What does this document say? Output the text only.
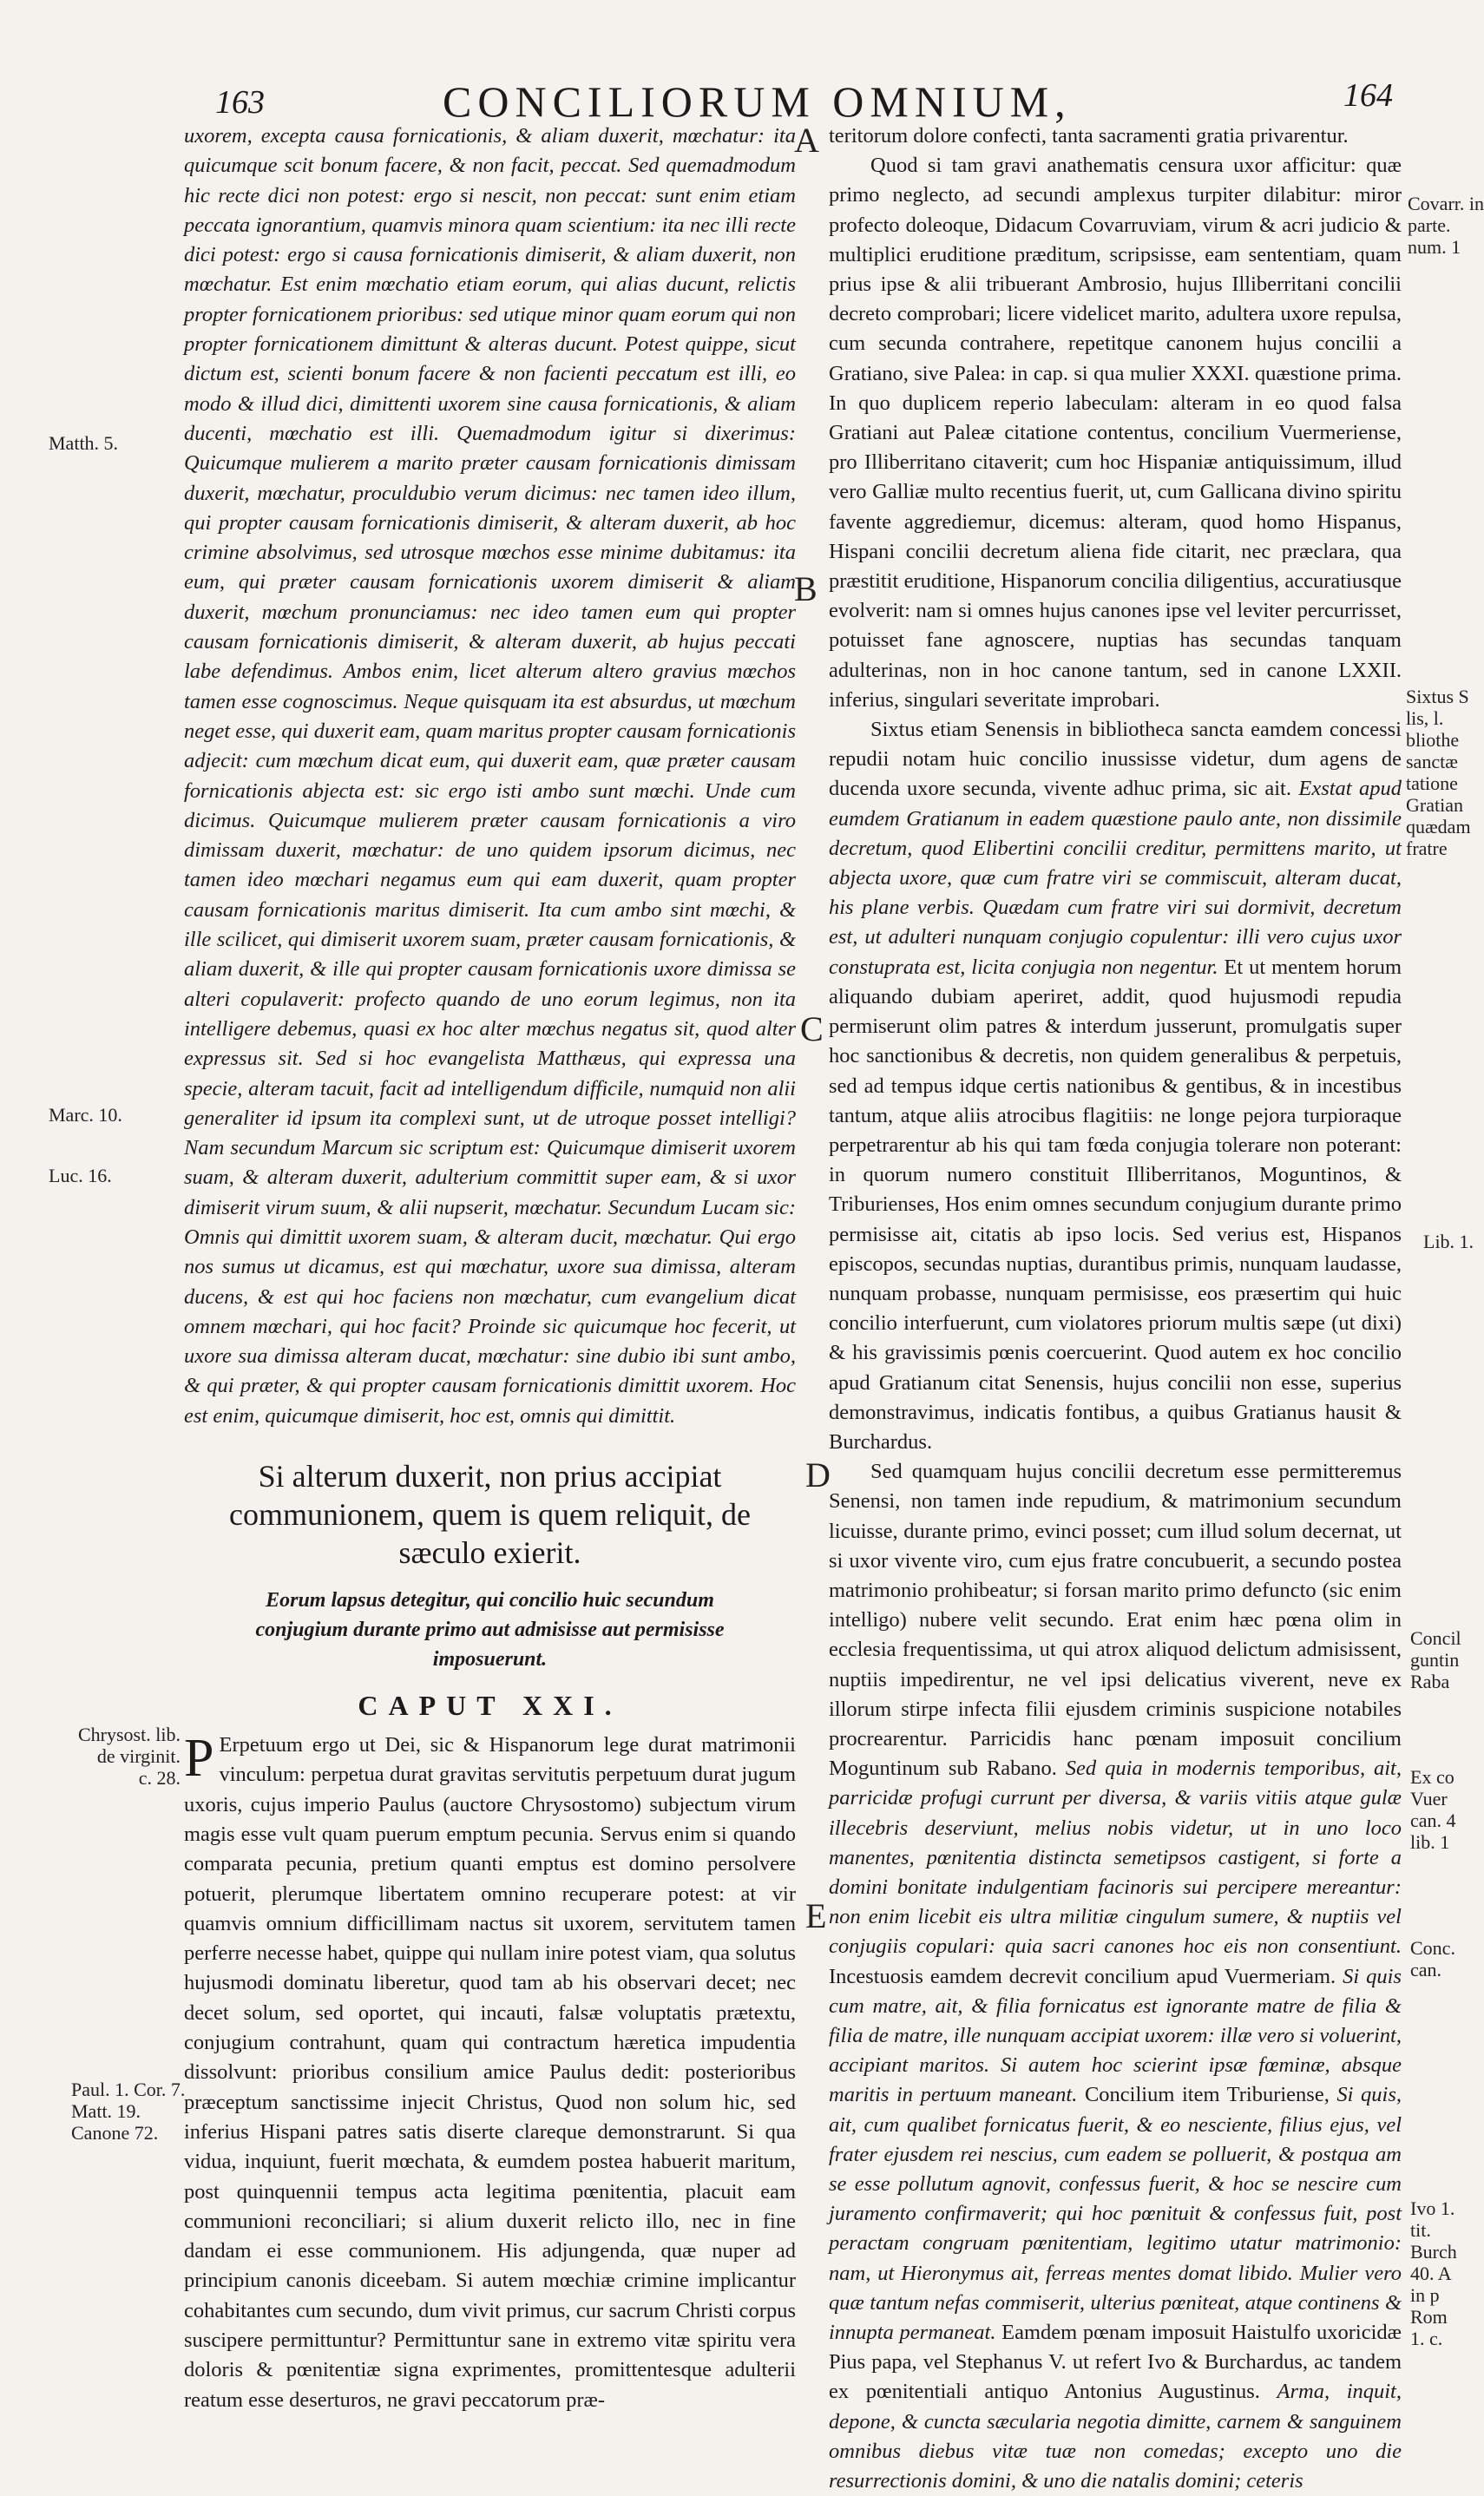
163	CONCILIORUM OMNIUM,	164
Matth. 5.
Marc. 10.
Luc. 16.
Chrysost. lib.
de virginit.
c. 28.
Paul. 1. Cor. 7.
Matt. 19.
Canone 72.
A
B
C
D
E

uxorem, excepta causa fornicationis, & aliam duxerit, mœchatur: ita quicumque scit bonum facere, & non facit, peccat. Sed quemadmodum hic recte dici non potest: ergo si nescit, non peccat: sunt enim etiam peccata ignorantium, quamvis minora quam scientium: ita nec illi recte dici potest: ergo si causa fornicationis dimiserit, & aliam duxerit, non mœchatur. Est enim mœchatio etiam eorum, qui alias ducunt, relictis propter fornicationem prioribus: sed utique minor quam eorum qui non propter fornicationem dimittunt & alteras ducunt. Potest quippe, sicut dictum est, scienti bonum facere & non facienti peccatum est illi, eo modo & illud dici, dimittenti uxorem sine causa fornicationis, & aliam ducenti, mœchatio est illi. Quemadmodum igitur si dixerimus: Quicumque mulierem a marito præter causam fornicationis dimissam duxerit, mœchatur, proculdubio verum dicimus: nec tamen ideo illum, qui propter causam fornicationis dimiserit, & alteram duxerit, ab hoc crimine absolvimus, sed utrosque mœchos esse minime dubitamus: ita eum, qui præter causam fornicationis uxorem dimiserit & aliam duxerit, mœchum pronunciamus: nec ideo tamen eum qui propter causam fornicationis dimiserit, & alteram duxerit, ab hujus peccati labe defendimus. Ambos enim, licet alterum altero gravius mœchos tamen esse cognoscimus. Neque quisquam ita est absurdus, ut mœchum neget esse, qui duxerit eam, quam maritus propter causam fornicationis adjecit: cum mœchum dicat eum, qui duxerit eam, quæ præter causam fornicationis abjecta est: sic ergo isti ambo sunt mœchi. Unde cum dicimus. Quicumque mulierem præter causam fornicationis a viro dimissam duxerit, mœchatur: de uno quidem ipsorum dicimus, nec tamen ideo mœchari negamus eum qui eam duxerit, quam propter causam fornicationis maritus dimiserit. Ita cum ambo sint mœchi, & ille scilicet, qui dimiserit uxorem suam, præter causam fornicationis, & aliam duxerit, & ille qui propter causam fornicationis uxore dimissa se alteri copulaverit: profecto quando de uno eorum legimus, non ita intelligere debemus, quasi ex hoc alter mœchus negatus sit, quod alter expressus sit. Sed si hoc evangelista Matthæus, qui expressa una specie, alteram tacuit, facit ad intelligendum difficile, numquid non alii generaliter id ipsum ita complexi sunt, ut de utroque posset intelligi? Nam secundum Marcum sic scriptum est: Quicumque dimiserit uxorem suam, & alteram duxerit, adulterium committit super eam, & si uxor dimiserit virum suum, & alii nupserit, mœchatur. Secundum Lucam sic: Omnis qui dimittit uxorem suam, & alteram ducit, mœchatur. Qui ergo nos sumus ut dicamus, est qui mœchatur, uxore sua dimissa, alteram ducens, & est qui hoc faciens non mœchatur, cum evangelium dicat omnem mœchari, qui hoc facit? Proinde sic quicumque hoc fecerit, ut uxore sua dimissa alteram ducat, mœchatur: sine dubio ibi sunt ambo, & qui præter, & qui propter causam fornicationis dimittit uxorem. Hoc est enim, quicumque dimiserit, hoc est, omnis qui dimittit.

Si alterum duxerit, non prius accipiat communionem, quem is quem reliquit, de sæculo exierit.
Eorum lapsus detegitur, qui concilio huic secundum conjugium durante primo aut admisisse aut permisisse imposuerunt.
CAPUT XXI.

P Erpetuum ergo ut Dei, sic & Hispanorum lege durat matrimonii vinculum: perpetua durat gravitas servitutis perpetuum durat jugum uxoris, cujus imperio Paulus (auctore Chrysostomo) subjectum virum magis esse vult quam puerum emptum pecunia. Servus enim si quando comparata pecunia, pretium quanti emptus est domino persolvere potuerit, plerumque libertatem omnino recuperare potest: at vir quamvis omnium difficillimam nactus sit uxorem, servitutem tamen perferre necesse habet, quippe qui nullam inire potest viam, qua solutus hujusmodi dominatu liberetur, quod tam ab his observari decet; nec decet solum, sed oportet, qui incauti, falsæ voluptatis prætextu, conjugium contrahunt, quam qui contractum hæretica impudentia dissolvunt: prioribus consilium amice Paulus dedit: posterioribus præceptum sanctissime injecit Christus, Quod non solum hic, sed inferius Hispani patres satis diserte clareque demonstrarunt. Si qua vidua, inquiunt, fuerit mœchata, & eumdem postea habuerit maritum, post quinquennii tempus acta legitima pœnitentia, placuit eam communioni reconciliari; si alium duxerit relicto illo, nec in fine dandam ei esse communionem. His adjungenda, quæ nuper ad principium canonis diceebam. Si autem mœchiæ crimine implicantur cohabitantes cum secundo, dum vivit primus, cur sacrum Christi corpus suscipere permittuntur? Permittuntur sane in extremo vitæ spiritu vera doloris & pœnitentiæ signa exprimentes, promittentesque adulterii reatum esse deserturos, ne gravi peccatorum præ-

teritorum dolore confecti, tanta sacramenti gratia privarentur.

Quod si tam gravi anathematis censura uxor afficitur: quæ primo neglecto, ad secundi amplexus turpiter dilabitur: miror profecto doleoque, Didacum Covarruviam, virum & acri judicio & multiplici eruditione præditum, scripsisse, eam sententiam, quam prius ipse & alii tribuerant Ambrosio, hujus Illiberritani concilii decreto comprobari; licere videlicet marito, adultera uxore repulsa, cum secunda contrahere, repetitque canonem hujus concilii a Gratiano, sive Palea: in cap. si qua mulier XXXI. quæstione prima. In quo duplicem reperio labeculam: alteram in eo quod falsa Gratiani aut Paleæ citatione contentus, concilium Vuermeriense, pro Illiberritano citaverit; cum hoc Hispaniæ antiquissimum, illud vero Galliæ multo recentius fuerit, ut, cum Gallicana divino spiritu favente aggrediemur, dicemus: alteram, quod homo Hispanus, Hispani concilii decretum aliena fide citarit, nec præclara, qua præstitit eruditione, Hispanorum concilia diligentius, accuratiusque evolverit: nam si omnes hujus canones ipse vel leviter percurrisset, potuisset fane agnoscere, nuptias has secundas tanquam adulterinas, non in hoc canone tantum, sed in canone LXXII. inferius, singulari severitate improbari.

Sixtus etiam Senensis in bibliotheca sancta eamdem concessi repudii notam huic concilio inussisse videtur, dum agens de ducenda uxore secunda, vivente adhuc prima, sic ait. Exstat apud eumdem Gratianum in eadem quæstione paulo ante, non dissimile decretum, quod Elibertini concilii creditur, permittens marito, ut abjecta uxore, quæ cum fratre viri se commiscuit, alteram ducat, his plane verbis. Quædam cum fratre viri sui dormivit, decretum est, ut adulteri nunquam conjugio copulentur: illi vero cujus uxor constuprata est, licita conjugia non negentur. Et ut mentem horum aliquando dubiam aperiret, addit, quod hujusmodi repudia permiserunt olim patres & interdum jusserunt, promulgatis super hoc sanctionibus & decretis, non quidem generalibus & perpetuis, sed ad tempus idque certis nationibus & gentibus, & in incestibus tantum, atque aliis atrocibus flagitiis: ne longe pejora turpioraque perpetrarentur ab his qui tam fœda conjugia tolerare non poterant: in quorum numero constituit Illiberritanos, Moguntinos, & Triburienses, Hos enim omnes secundum conjugium durante primo permisisse ait, citatis ab ipso locis. Sed verius est, Hispanos episcopos, secundas nuptias, durantibus primis, nunquam laudasse, nunquam probasse, nunquam permisisse, eos præsertim qui huic concilio interfuerunt, cum violatores priorum multis sæpe (ut dixi) & his gravissimis pœnis coercuerint. Quod autem ex hoc concilio apud Gratianum citat Senensis, hujus concilii non esse, superius demonstravimus, indicatis fontibus, a quibus Gratianus hausit & Burchardus.

Sed quamquam hujus concilii decretum esse permitteremus Senensi, non tamen inde repudium, & matrimonium secundum licuisse, durante primo, evinci posset; cum illud solum decernat, ut si uxor vivente viro, cum ejus fratre concubuerit, a secundo postea matrimonio prohibeatur; si forsan marito primo defuncto (sic enim intelligo) nubere velit secundo. Erat enim hæc pœna olim in ecclesia frequentissima, ut qui atrox aliquod delictum admisissent, nuptiis impedirentur, ne vel ipsi delicatius viverent, neve ex illorum stirpe infecta filii ejusdem criminis suspicione notabiles procrearentur. Parricidis hanc pœnam imposuit concilium Moguntinum sub Rabano. Sed quia in modernis temporibus, ait, parricidæ profugi currunt per diversa, & variis vitiis atque gulæ illecebris deserviunt, melius nobis videtur, ut in uno loco manentes, pœnitentia distincta semetipsos castigent, si forte a domini bonitate indulgentiam facinoris sui percipere mereantur: non enim licebit eis ultra militiæ cingulum sumere, & nuptiis vel conjugiis copulari: quia sacri canones hoc eis non consentiunt. Incestuosis eamdem decrevit concilium apud Vuermeriam. Si quis cum matre, ait, & filia fornicatus est ignorante matre de filia & filia de matre, ille nunquam accipiat uxorem: illæ vero si voluerint, accipiant maritos. Si autem hoc scierint ipsæ fœminæ, absque maritis in pertuum maneant. Concilium item Triburiense, Si quis, ait, cum qualibet fornicatus fuerit, & eo nesciente, filius ejus, vel frater ejusdem rei nescius, cum eadem se polluerit, & postqua am se esse pollutum agnovit, confessus fuerit, & hoc se nescire cum juramento confirmaverit; qui hoc pœnituit & confessus fuit, post peractam congruam pœnitentiam, legitimo utatur matrimonio: nam, ut Hieronymus ait, ferreas mentes domat libido. Mulier vero quæ tantum nefas commiserit, ulterius pœniteat, atque continens & innupta permaneat. Eamdem pœnam imposuit Haistulfo uxoricidæ Pius papa, vel Stephanus V. ut refert Ivo & Burchardus, ac tandem ex pœnitentiali antiquo Antonius Augustinus. Arma, inquit, depone, & cuncta sæcularia negotia dimitte, carnem & sanguinem omnibus diebus vitæ tuæ non comedas; excepto uno die resurrectionis domini, & uno die natalis domini; ceteris

Covarr. in
parte.
num. 1
Sixtus S
lis, l.
bliothe
sanctæ
tatione
Gratian
quædam
fratre
Lib. 1.
Concil
guntin
Raba
Ex co
Vuer
can. 4
lib. 1
Conc.
can.
Ivo 1.
tit.
Burch
40. A
in p
Rom
1. c.
